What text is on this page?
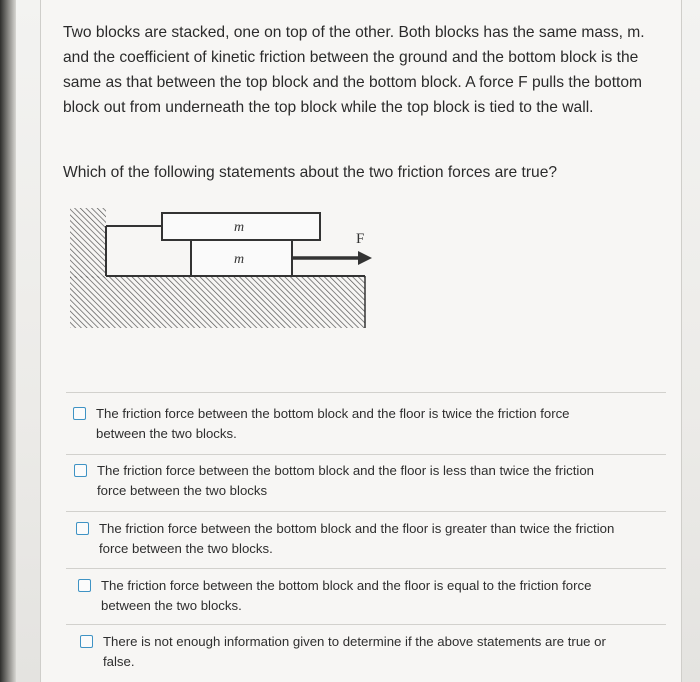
Two blocks are stacked, one on top of the other. Both blocks has the same mass, m. and the coefficient of kinetic friction between the ground and the bottom block is the same as that between the top block and the bottom block. A force F pulls the bottom block out from underneath the top block while the top block is tied to the wall.

Which of the following statements about the two friction forces are true?

m
m
F
The friction force between the bottom block and the floor is twice the friction force between the two blocks.
The friction force between the bottom block and the floor is less than twice the friction force between the two blocks
The friction force between the bottom block and the floor is greater than twice the friction force between the two blocks.
The friction force between the bottom block and the floor is equal to the friction force between the two blocks.
There is not enough information given to determine if the above statements are true or false.
